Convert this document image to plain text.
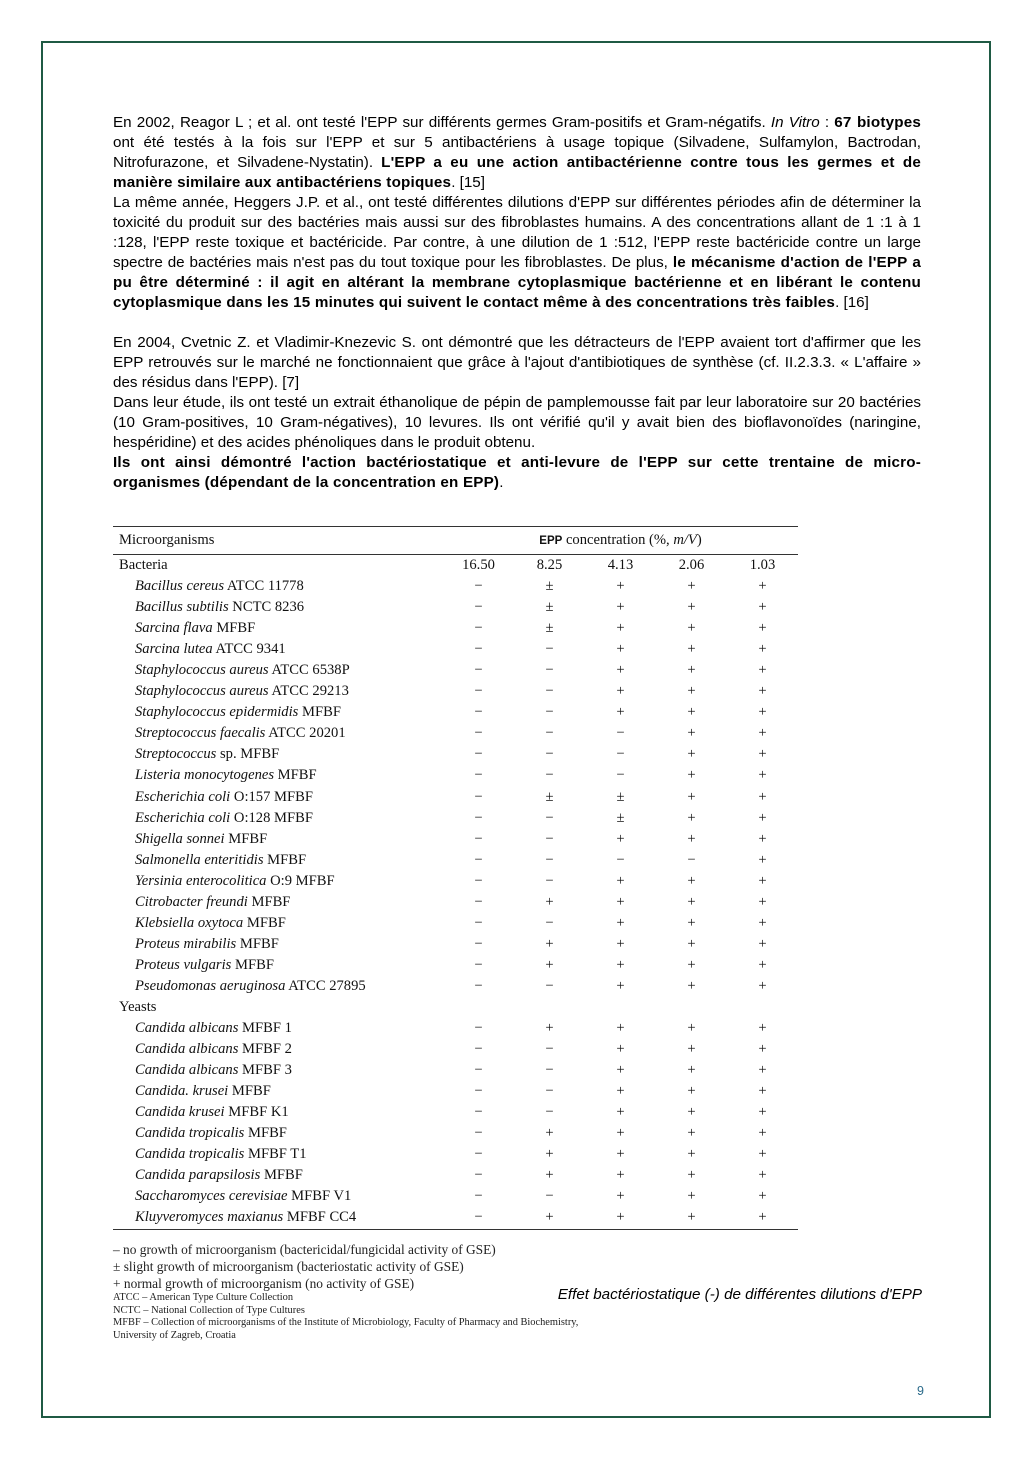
En 2002, Reagor L ; et al. ont testé l'EPP sur différents germes Gram-positifs et Gram-négatifs. In Vitro : 67 biotypes ont été testés à la fois sur l'EPP et sur 5 antibactériens à usage topique (Silvadene, Sulfamylon, Bactrodan, Nitrofurazone, et Silvadene-Nystatin). L'EPP a eu une action antibactérienne contre tous les germes et de manière similaire aux antibactériens topiques. [15]

La même année, Heggers J.P. et al., ont testé différentes dilutions d'EPP sur différentes périodes afin de déterminer la toxicité du produit sur des bactéries mais aussi sur des fibroblastes humains. A des concentrations allant de 1 :1 à 1 :128, l'EPP reste toxique et bactéricide. Par contre, à une dilution de 1 :512, l'EPP reste bactéricide contre un large spectre de bactéries mais n'est pas du tout toxique pour les fibroblastes. De plus, le mécanisme d'action de l'EPP a pu être déterminé : il agit en altérant la membrane cytoplasmique bactérienne et en libérant le contenu cytoplasmique dans les 15 minutes qui suivent le contact même à des concentrations très faibles. [16]

En 2004, Cvetnic Z. et Vladimir-Knezevic S. ont démontré que les détracteurs de l'EPP avaient tort d'affirmer que les EPP retrouvés sur le marché ne fonctionnaient que grâce à l'ajout d'antibiotiques de synthèse (cf. II.2.3.3. « L'affaire » des résidus dans l'EPP). [7]

Dans leur étude, ils ont testé un extrait éthanolique de pépin de pamplemousse fait par leur laboratoire sur 20 bactéries (10 Gram-positives, 10 Gram-négatives), 10 levures. Ils ont vérifié qu'il y avait bien des bioflavonoïdes (naringine, hespéridine) et des acides phénoliques dans le produit obtenu.

Ils ont ainsi démontré l'action bactériostatique et anti-levure de l'EPP sur cette trentaine de micro-organismes (dépendant de la concentration en EPP).

Microorganisms	EPP concentration (%, m/V)				
Bacteria	16.50	8.25	4.13	2.06	1.03
Bacillus cereus ATCC 11778	−	±	+	+	+
Bacillus subtilis NCTC 8236	−	±	+	+	+
Sarcina flava MFBF	−	±	+	+	+
Sarcina lutea ATCC 9341	−	−	+	+	+
Staphylococcus aureus ATCC 6538P	−	−	+	+	+
Staphylococcus aureus ATCC 29213	−	−	+	+	+
Staphylococcus epidermidis MFBF	−	−	+	+	+
Streptococcus faecalis ATCC 20201	−	−	−	+	+
Streptococcus sp. MFBF	−	−	−	+	+
Listeria monocytogenes MFBF	−	−	−	+	+
Escherichia coli O:157 MFBF	−	±	±	+	+
Escherichia coli O:128 MFBF	−	−	±	+	+
Shigella sonnei MFBF	−	−	+	+	+
Salmonella enteritidis MFBF	−	−	−	−	+
Yersinia enterocolitica O:9 MFBF	−	−	+	+	+
Citrobacter freundi MFBF	−	+	+	+	+
Klebsiella oxytoca MFBF	−	−	+	+	+
Proteus mirabilis MFBF	−	+	+	+	+
Proteus vulgaris MFBF	−	+	+	+	+
Pseudomonas aeruginosa ATCC 27895	−	−	+	+	+
Yeasts					
Candida albicans MFBF 1	−	+	+	+	+
Candida albicans MFBF 2	−	−	+	+	+
Candida albicans MFBF 3	−	−	+	+	+
Candida. krusei MFBF	−	−	+	+	+
Candida krusei MFBF K1	−	−	+	+	+
Candida tropicalis MFBF	−	+	+	+	+
Candida tropicalis MFBF T1	−	+	+	+	+
Candida parapsilosis MFBF	−	+	+	+	+
Saccharomyces cerevisiae MFBF V1	−	−	+	+	+
Kluyveromyces maxianus MFBF CC4	−	+	+	+	+
– no growth of microorganism (bactericidal/fungicidal activity of GSE)
± slight growth of microorganism (bacteriostatic activity of GSE)
+ normal growth of microorganism (no activity of GSE)
ATCC – American Type Culture Collection
NCTC – National Collection of Type Cultures
MFBF – Collection of microorganisms of the Institute of Microbiology, Faculty of Pharmacy and Biochemistry,
University of Zagreb, Croatia
Effet bactériostatique (-) de différentes dilutions d'EPP
9
